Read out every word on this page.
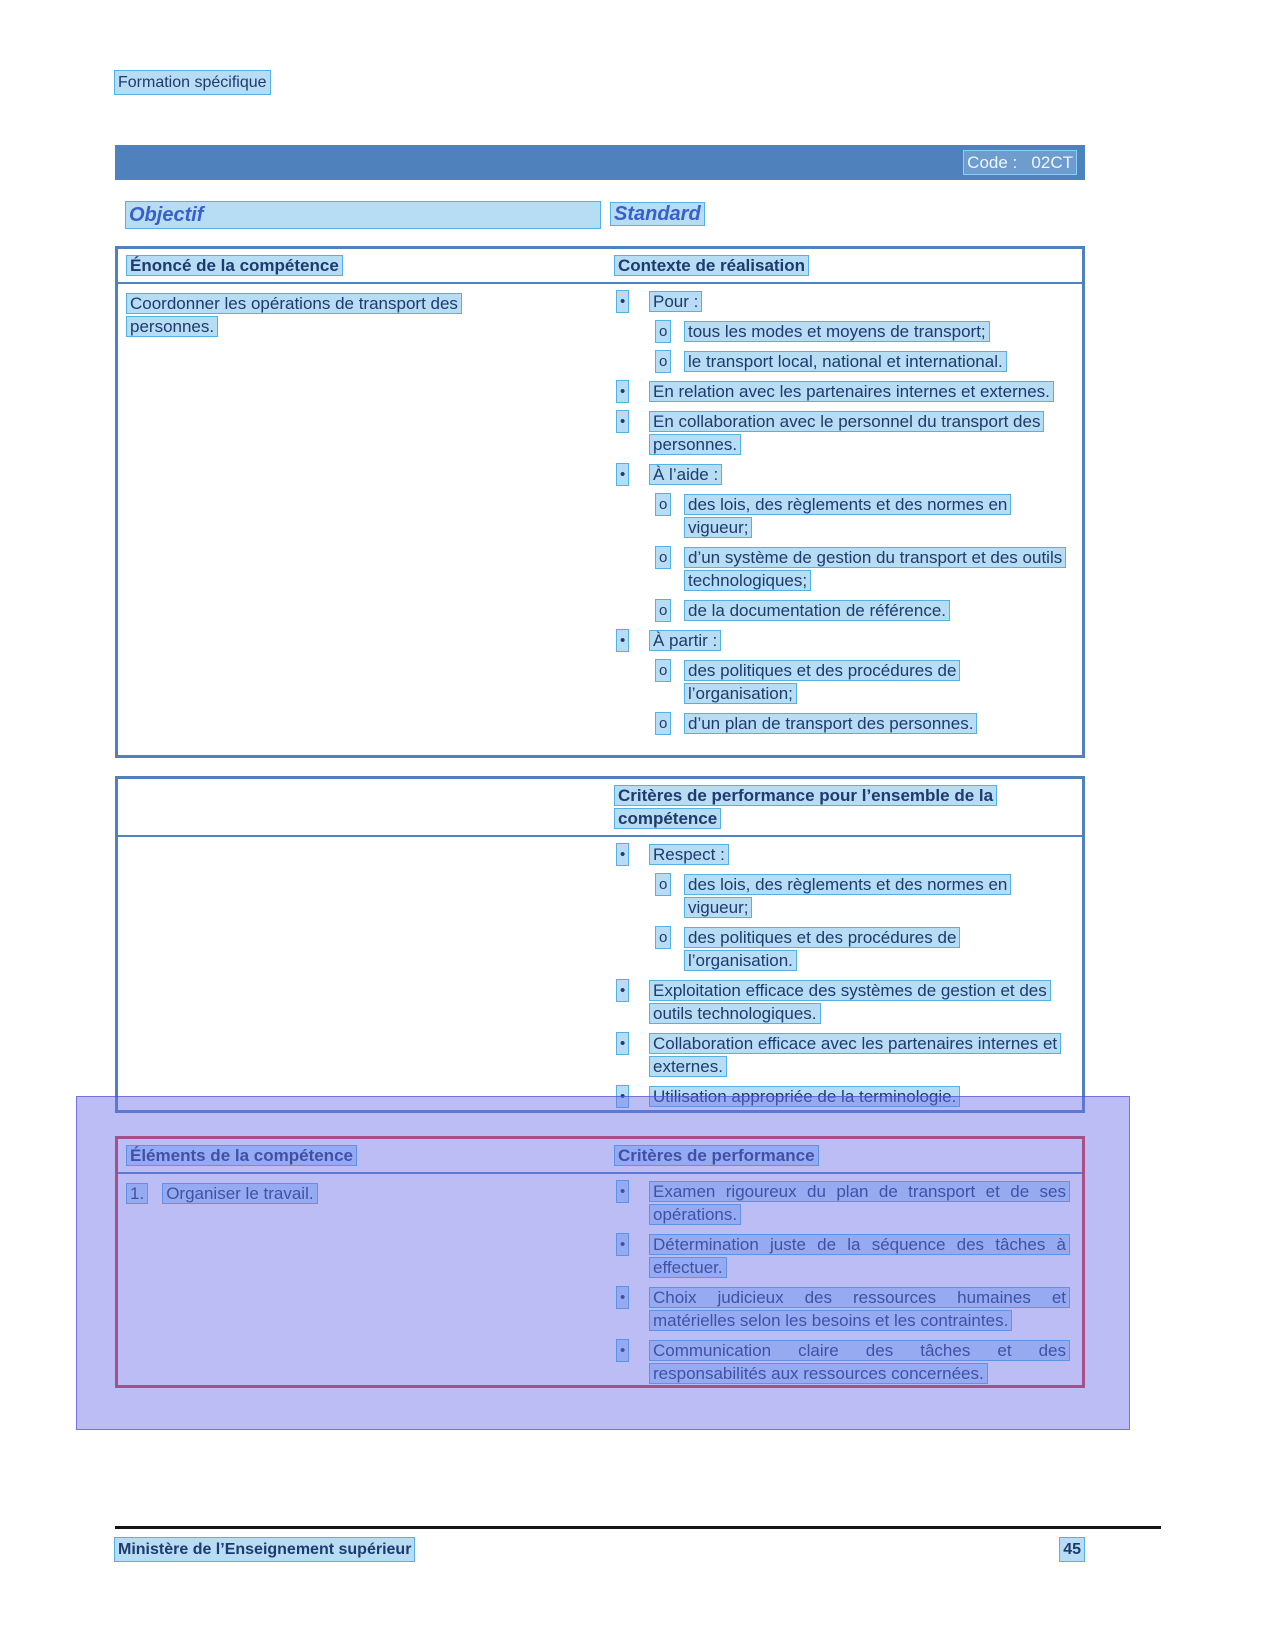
Formation spécifique
Code :   02CT
Objectif	Standard
Énoncé de la compétence	Contexte de réalisation
Coordonner les opérations de transport des personnes.
• Pour :
o tous les modes et moyens de transport;
o le transport local, national et international.
• En relation avec les partenaires internes et externes.
• En collaboration avec le personnel du transport des personnes.
• À l’aide :
o des lois, des règlements et des normes en vigueur;
o d’un système de gestion du transport et des outils technologiques;
o de la documentation de référence.
• À partir :
o des politiques et des procédures de l’organisation;
o d’un plan de transport des personnes.
Critères de performance pour l’ensemble de la compétence
• Respect :
o des lois, des règlements et des normes en vigueur;
o des politiques et des procédures de l’organisation.
• Exploitation efficace des systèmes de gestion et des outils technologiques.
• Collaboration efficace avec les partenaires internes et externes.
• Utilisation appropriée de la terminologie.
Éléments de la compétence	Critères de performance
1. Organiser le travail.	• Examen rigoureux du plan de transport et de ses opérations.
• Détermination juste de la séquence des tâches à effectuer.
• Choix judicieux des ressources humaines et matérielles selon les besoins et les contraintes.
• Communication claire des tâches et des responsabilités aux ressources concernées.
Ministère de l’Enseignement supérieur	45
